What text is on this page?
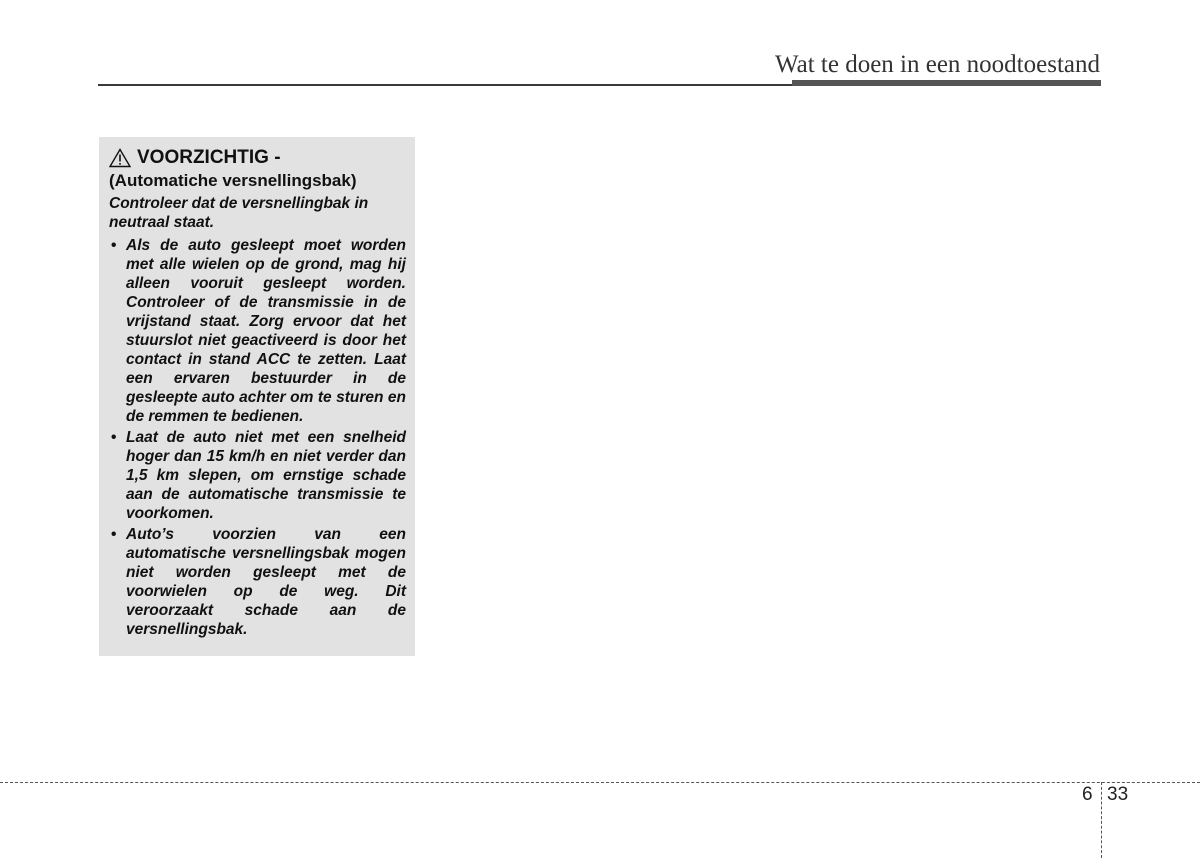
Wat te doen in een noodtoestand
VOORZICHTIG -
(Automatiche versnellingsbak)
Controleer dat de versnellingbak in neutraal staat.
• Als de auto gesleept moet worden met alle wielen op de grond, mag hij alleen vooruit gesleept worden. Controleer of de transmissie in de vrijstand staat. Zorg ervoor dat het stuurslot niet geactiveerd is door het contact in stand ACC te zetten. Laat een ervaren bestuurder in de gesleepte auto achter om te sturen en de remmen te bedienen.
• Laat de auto niet met een snelheid hoger dan 15 km/h en niet verder dan 1,5 km slepen, om ernstige schade aan de automatische transmissie te voorkomen.
• Auto’s voorzien van een automatische versnellingsbak mogen niet worden gesleept met de voorwielen op de weg. Dit veroorzaakt schade aan de versnellingsbak.
6 33
